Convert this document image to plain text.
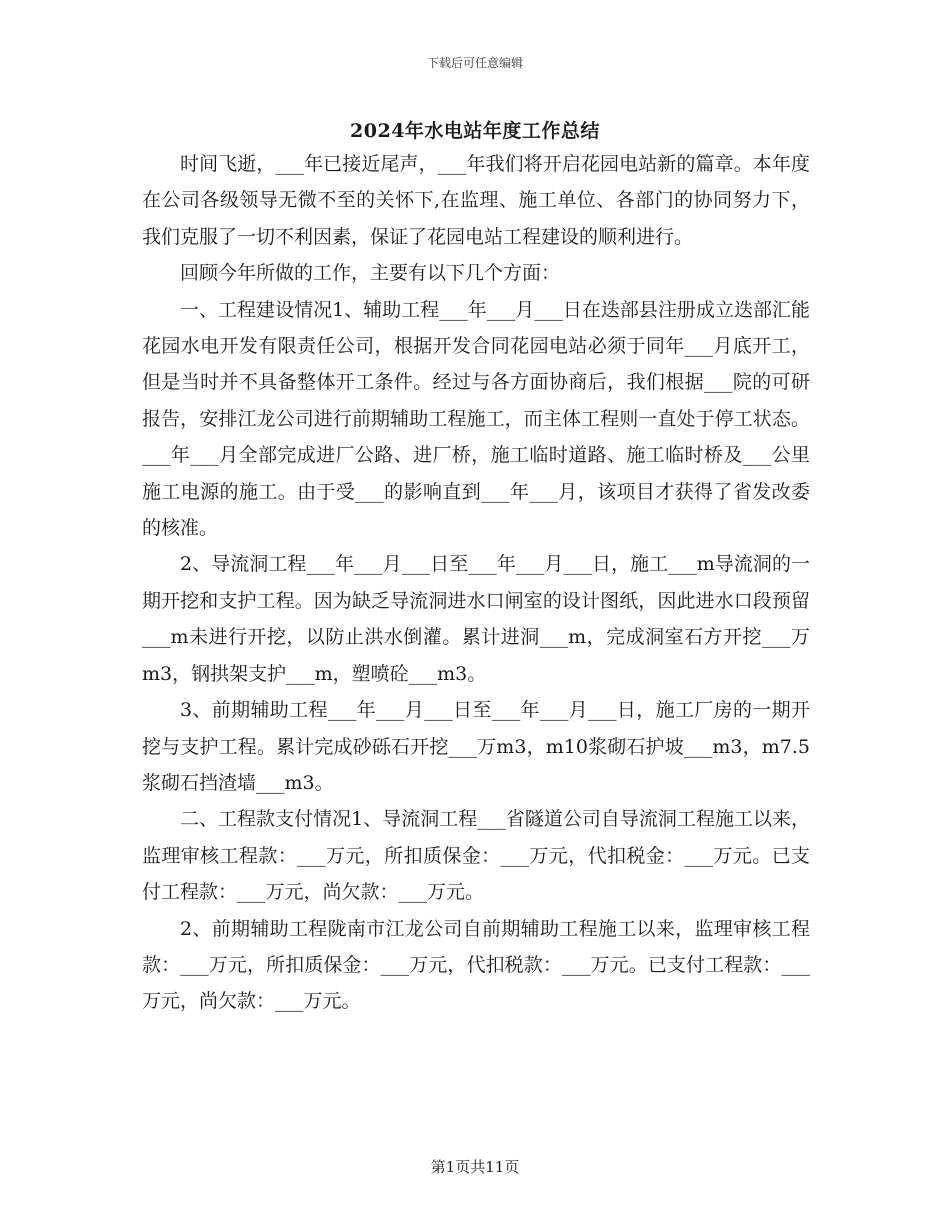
下载后可任意编辑
2024年水电站年度工作总结

时间飞逝，___年已接近尾声，___年我们将开启花园电站新的篇章。本年度在公司各级领导无微不至的关怀下,在监理、施工单位、各部门的协同努力下，我们克服了一切不利因素，保证了花园电站工程建设的顺利进行。

回顾今年所做的工作，主要有以下几个方面：

一、工程建设情况1、辅助工程___年___月___日在迭部县注册成立迭部汇能花园水电开发有限责任公司，根据开发合同花园电站必须于同年___月底开工，但是当时并不具备整体开工条件。经过与各方面协商后，我们根据___院的可研报告，安排江龙公司进行前期辅助工程施工，而主体工程则一直处于停工状态。___年___月全部完成进厂公路、进厂桥，施工临时道路、施工临时桥及___公里施工电源的施工。由于受___的影响直到___年___月，该项目才获得了省发改委的核准。

2、导流洞工程___年___月___日至___年___月___日，施工___m导流洞的一期开挖和支护工程。因为缺乏导流洞进水口闸室的设计图纸，因此进水口段预留___m未进行开挖，以防止洪水倒灌。累计进洞___m，完成洞室石方开挖___万m3，钢拱架支护___m，塑喷砼___m3。

3、前期辅助工程___年___月___日至___年___月___日，施工厂房的一期开挖与支护工程。累计完成砂砾石开挖___万m3，m10浆砌石护坡___m3，m7.5浆砌石挡渣墙___m3。

二、工程款支付情况1、导流洞工程___省隧道公司自导流洞工程施工以来，监理审核工程款：___万元，所扣质保金：___万元，代扣税金：___万元。已支付工程款：___万元，尚欠款：___万元。

2、前期辅助工程陇南市江龙公司自前期辅助工程施工以来，监理审核工程款：___万元，所扣质保金：___万元，代扣税款：___万元。已支付工程款：___万元，尚欠款：___万元。

第1页共11页
